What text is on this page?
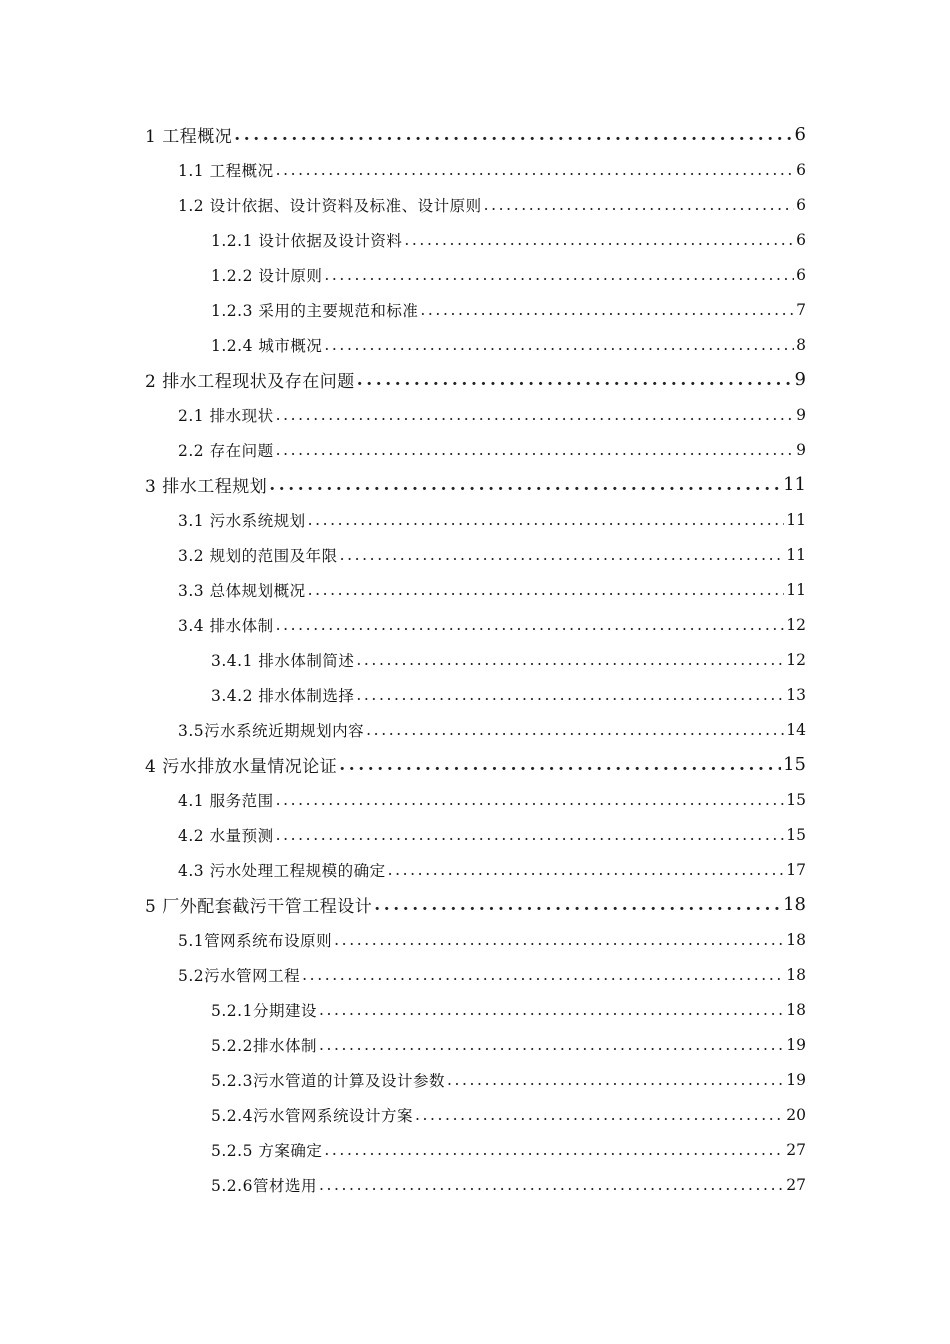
1 工程概况 .....	6
1.1 工程概况 .....	6
1.2 设计依据、设计资料及标准、设计原则 .....	6
1.2.1 设计依据及设计资料 .....	6
1.2.2 设计原则 .....	6
1.2.3 采用的主要规范和标准 .....	7
1.2.4 城市概况 .....	8
2 排水工程现状及存在问题 .....	9
2.1 排水现状 .....	9
2.2 存在问题 .....	9
3 排水工程规划 .....	11
3.1 污水系统规划 .....	11
3.2 规划的范围及年限 .....	11
3.3 总体规划概况 .....	11
3.4 排水体制 .....	12
3.4.1 排水体制简述 .....	12
3.4.2 排水体制选择 .....	13
3.5污水系统近期规划内容 .....	14
4 污水排放水量情况论证 .....	15
4.1 服务范围 .....	15
4.2 水量预测 .....	15
4.3 污水处理工程规模的确定 .....	17
5 厂外配套截污干管工程设计 .....	18
5.1管网系统布设原则 .....	18
5.2污水管网工程 .....	18
5.2.1分期建设 .....	18
5.2.2排水体制 .....	19
5.2.3污水管道的计算及设计参数 .....	19
5.2.4污水管网系统设计方案 .....	20
5.2.5 方案确定 .....	27
5.2.6管材选用 .....	27
